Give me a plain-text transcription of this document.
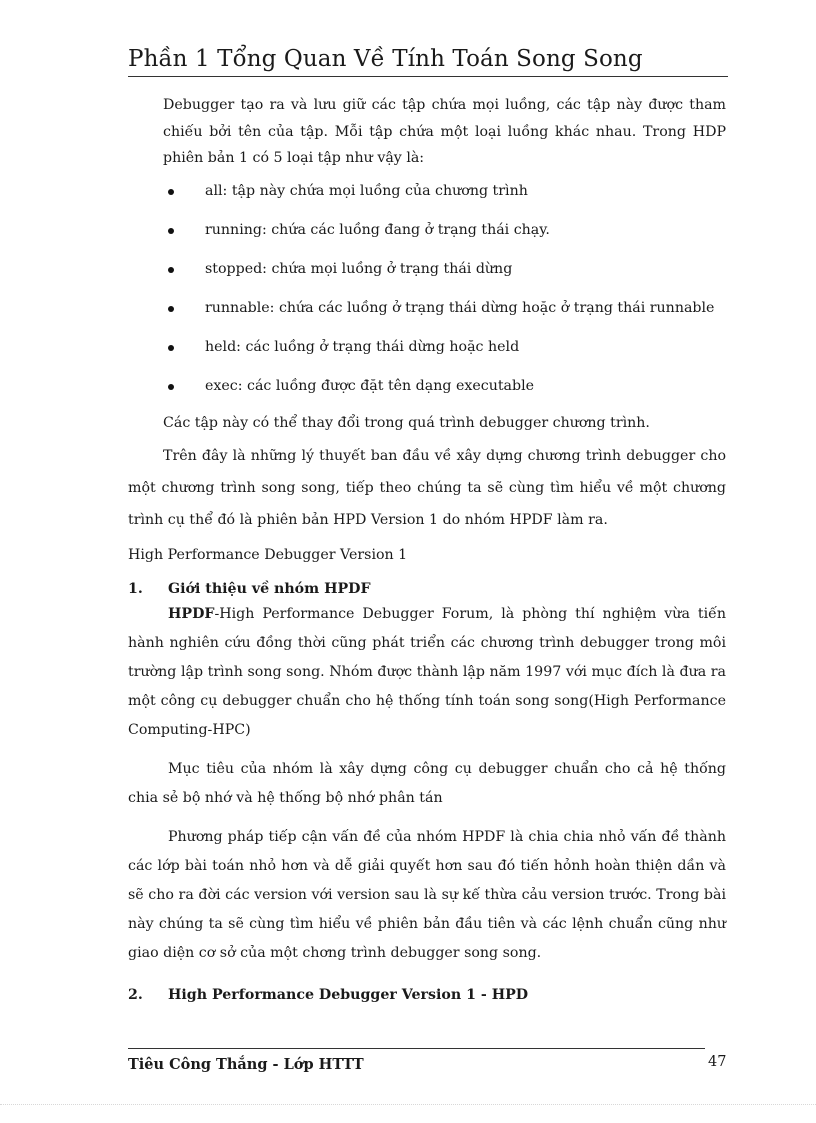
Phần 1 Tổng Quan Về Tính Toán Song Song

Debugger tạo ra và lưu giữ các tập chứa mọi luồng, các tập này được tham chiếu bởi tên của tập. Mỗi tập chứa một loại luồng khác nhau. Trong HDP phiên bản 1 có 5 loại tập như vậy là:

all: tập này chứa mọi luồng của chương trình
running: chứa các luồng đang ở trạng thái chạy.
stopped: chứa mọi luồng ở trạng thái dừng
runnable: chứa các luồng ở trạng thái dừng hoặc ở trạng thái runnable
held: các luồng ở trạng thái dừng hoặc held
exec: các luồng được đặt tên dạng executable

Các tập này có thể thay đổi trong quá trình debugger chương trình.

Trên đây là những lý thuyết ban đầu về xây dựng chương trình debugger cho một chương trình song song, tiếp theo chúng ta sẽ cùng tìm hiểu về một chương trình cụ thể đó là phiên bản HPD Version 1 do nhóm HPDF làm ra.

High Performance Debugger Version 1

1. Giới thiệu về nhóm HPDF

HPDF-High Performance Debugger Forum, là phòng thí nghiệm vừa tiến hành nghiên cứu đồng thời cũng phát triển các chương trình debugger trong môi trường lập trình song song. Nhóm được thành lập năm 1997 với mục đích là đưa ra một công cụ debugger chuẩn cho hệ thống tính toán song song(High Performance Computing-HPC)

Mục tiêu của nhóm là xây dựng công cụ debugger chuẩn cho cả hệ thống chia sẻ bộ nhớ và hệ thống bộ nhớ phân tán

Phương pháp tiếp cận vấn đề của nhóm HPDF là chia chia nhỏ vấn đề thành các lớp bài toán nhỏ hơn và dễ giải quyết hơn sau đó tiến hỏnh hoàn thiện dần và sẽ cho ra đời các version với version sau là sự kế thừa cảu version trước. Trong bài này chúng ta sẽ cùng tìm hiểu về phiên bản đầu tiên và các lệnh chuẩn cũng như giao diện cơ sở của một chơng trình debugger song song.

2. High Performance Debugger Version 1 - HPD
Tiêu Công Thắng - Lớp HTTT	47
